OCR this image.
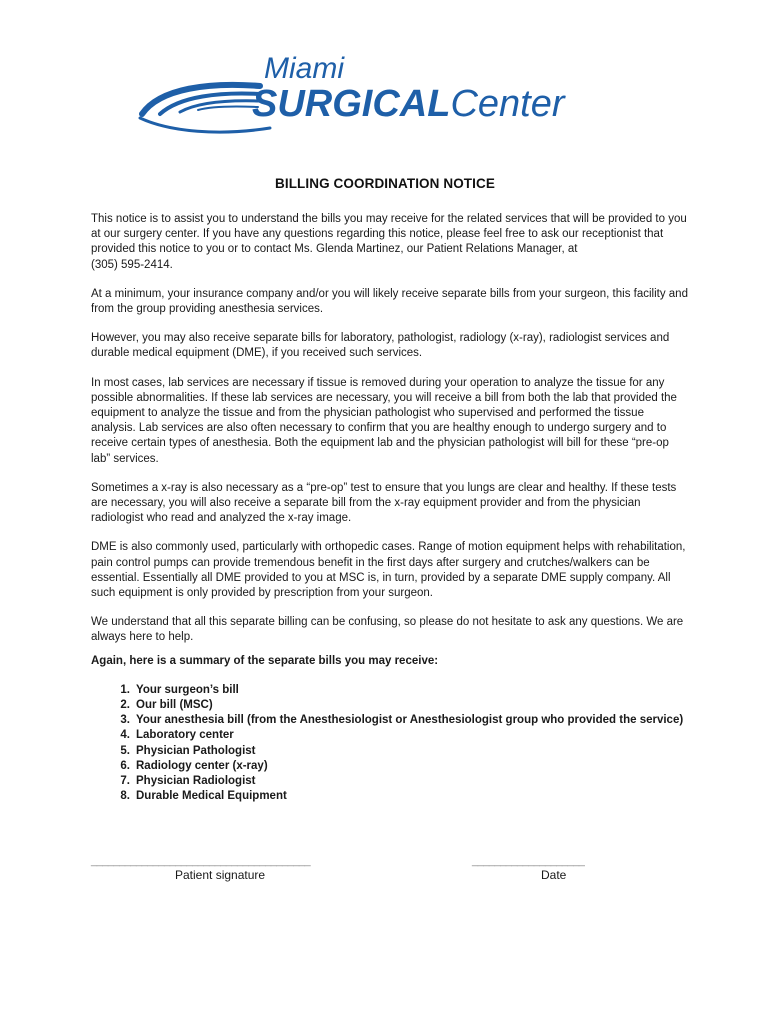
Miami
SURGICALCenter
BILLING COORDINATION NOTICE

This notice is to assist you to understand the bills you may receive for the related services that will be provided to you at our surgery center. If you have any questions regarding this notice, please feel free to ask our receptionist that provided this notice to you or to contact Ms. Glenda Martinez, our Patient Relations Manager, at
(305) 595-2414.

At a minimum, your insurance company and/or you will likely receive separate bills from your surgeon, this facility and from the group providing anesthesia services.

However, you may also receive separate bills for laboratory, pathologist, radiology (x-ray), radiologist services and durable medical equipment (DME), if you received such services.

In most cases, lab services are necessary if tissue is removed during your operation to analyze the tissue for any possible abnormalities. If these lab services are necessary, you will receive a bill from both the lab that provided the equipment to analyze the tissue and from the physician pathologist who supervised and performed the tissue analysis. Lab services are also often necessary to confirm that you are healthy enough to undergo surgery and to receive certain types of anesthesia. Both the equipment lab and the physician pathologist will bill for these “pre-op lab” services.

Sometimes a x-ray is also necessary as a “pre-op” test to ensure that you lungs are clear and healthy. If these tests are necessary, you will also receive a separate bill from the x-ray equipment provider and from the physician radiologist who read and analyzed the x-ray image.

DME is also commonly used, particularly with orthopedic cases. Range of motion equipment helps with rehabilitation, pain control pumps can provide tremendous benefit in the first days after surgery and crutches/walkers can be essential. Essentially all DME provided to you at MSC is, in turn, provided by a separate DME supply company. All such equipment is only provided by prescription from your surgeon.

We understand that all this separate billing can be confusing, so please do not hesitate to ask any questions. We are always here to help.

Again, here is a summary of the separate bills you may receive:

1. Your surgeon’s bill
2. Our bill (MSC)
3. Your anesthesia bill (from the Anesthesiologist or Anesthesiologist group who provided the service)
4. Laboratory center
5. Physician Pathologist
6. Radiology center (x-ray)
7. Physician Radiologist
8. Durable Medical Equipment
_______________________________________
Patient signature
____________________
Date
